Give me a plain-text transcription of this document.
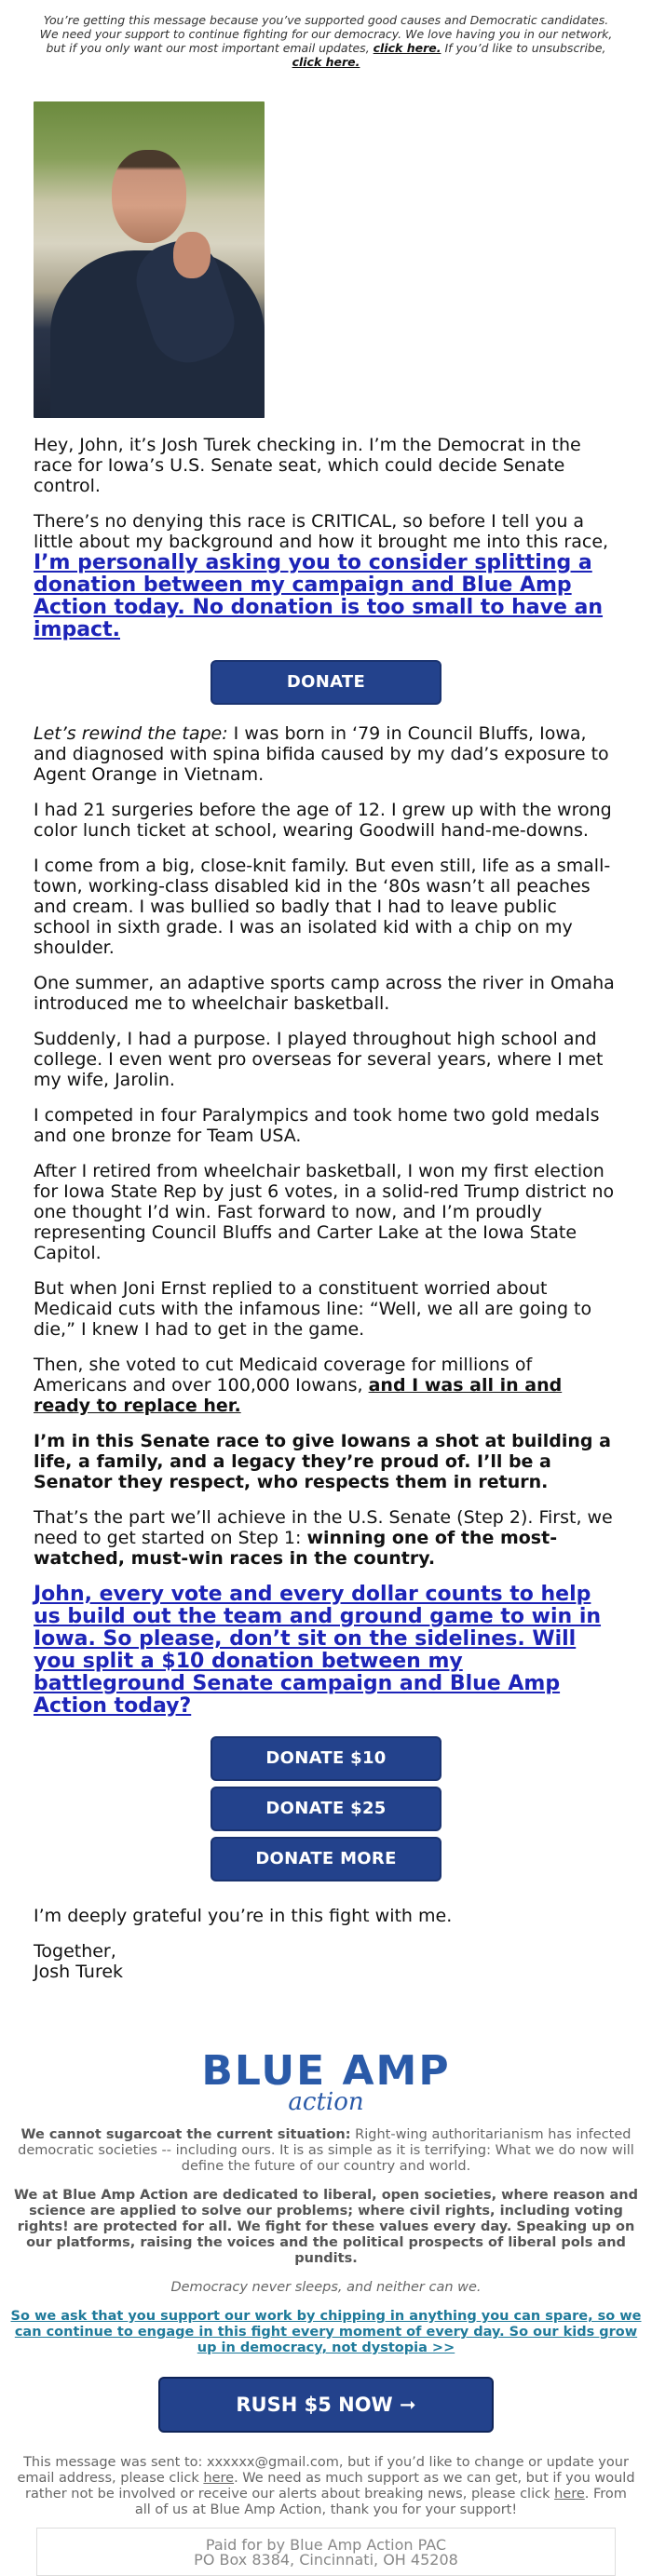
You’re getting this message because you’ve supported good causes and Democratic candidates. We need your support to continue fighting for our democracy. We love having you in our network, but if you only want our most important email updates, click here. If you’d like to unsubscribe, click here.

Hey, John, it’s Josh Turek checking in. I’m the Democrat in the race for Iowa’s U.S. Senate seat, which could decide Senate control.

There’s no denying this race is CRITICAL, so before I tell you a little about my background and how it brought me into this race,
I’m personally asking you to consider splitting a donation between my campaign and Blue Amp Action today. No donation is too small to have an impact.

DONATE

Let’s rewind the tape: I was born in ‘79 in Council Bluffs, Iowa, and diagnosed with spina bifida caused by my dad’s exposure to Agent Orange in Vietnam.

I had 21 surgeries before the age of 12. I grew up with the wrong color lunch ticket at school, wearing Goodwill hand-me-downs.

I come from a big, close-knit family. But even still, life as a small-town, working-class disabled kid in the ‘80s wasn’t all peaches and cream. I was bullied so badly that I had to leave public school in sixth grade. I was an isolated kid with a chip on my shoulder.

One summer, an adaptive sports camp across the river in Omaha introduced me to wheelchair basketball.

Suddenly, I had a purpose. I played throughout high school and college. I even went pro overseas for several years, where I met my wife, Jarolin.

I competed in four Paralympics and took home two gold medals and one bronze for Team USA.

After I retired from wheelchair basketball, I won my first election for Iowa State Rep by just 6 votes, in a solid-red Trump district no one thought I’d win. Fast forward to now, and I’m proudly representing Council Bluffs and Carter Lake at the Iowa State Capitol.

But when Joni Ernst replied to a constituent worried about Medicaid cuts with the infamous line: “Well, we all are going to die,” I knew I had to get in the game.

Then, she voted to cut Medicaid coverage for millions of Americans and over 100,000 Iowans, and I was all in and ready to replace her.

I’m in this Senate race to give Iowans a shot at building a life, a family, and a legacy they’re proud of. I’ll be a Senator they respect, who respects them in return.

That’s the part we’ll achieve in the U.S. Senate (Step 2). First, we need to get started on Step 1: winning one of the most-watched, must-win races in the country.

John, every vote and every dollar counts to help us build out the team and ground game to win in Iowa. So please, don’t sit on the sidelines. Will you split a $10 donation between my battleground Senate campaign and Blue Amp Action today?

DONATE $10
DONATE $25
DONATE MORE

I’m deeply grateful you’re in this fight with me.

Together,
Josh Turek

BLUE AMP
action

We cannot sugarcoat the current situation: Right-wing authoritarianism has infected democratic societies -- including ours. It is as simple as it is terrifying: What we do now will define the future of our country and world.

We at Blue Amp Action are dedicated to liberal, open societies, where reason and science are applied to solve our problems; where civil rights, including voting rights! are protected for all. We fight for these values every day. Speaking up on our platforms, raising the voices and the political prospects of liberal pols and pundits.

Democracy never sleeps, and neither can we.

So we ask that you support our work by chipping in anything you can spare, so we can continue to engage in this fight every moment of every day. So our kids grow up in democracy, not dystopia >>

RUSH $5 NOW ➞

This message was sent to: xxxxxx@gmail.com, but if you’d like to change or update your email address, please click here. We need as much support as we can get, but if you would rather not be involved or receive our alerts about breaking news, please click here. From all of us at Blue Amp Action, thank you for your support!

Paid for by Blue Amp Action PAC
PO Box 8384, Cincinnati, OH 45208
